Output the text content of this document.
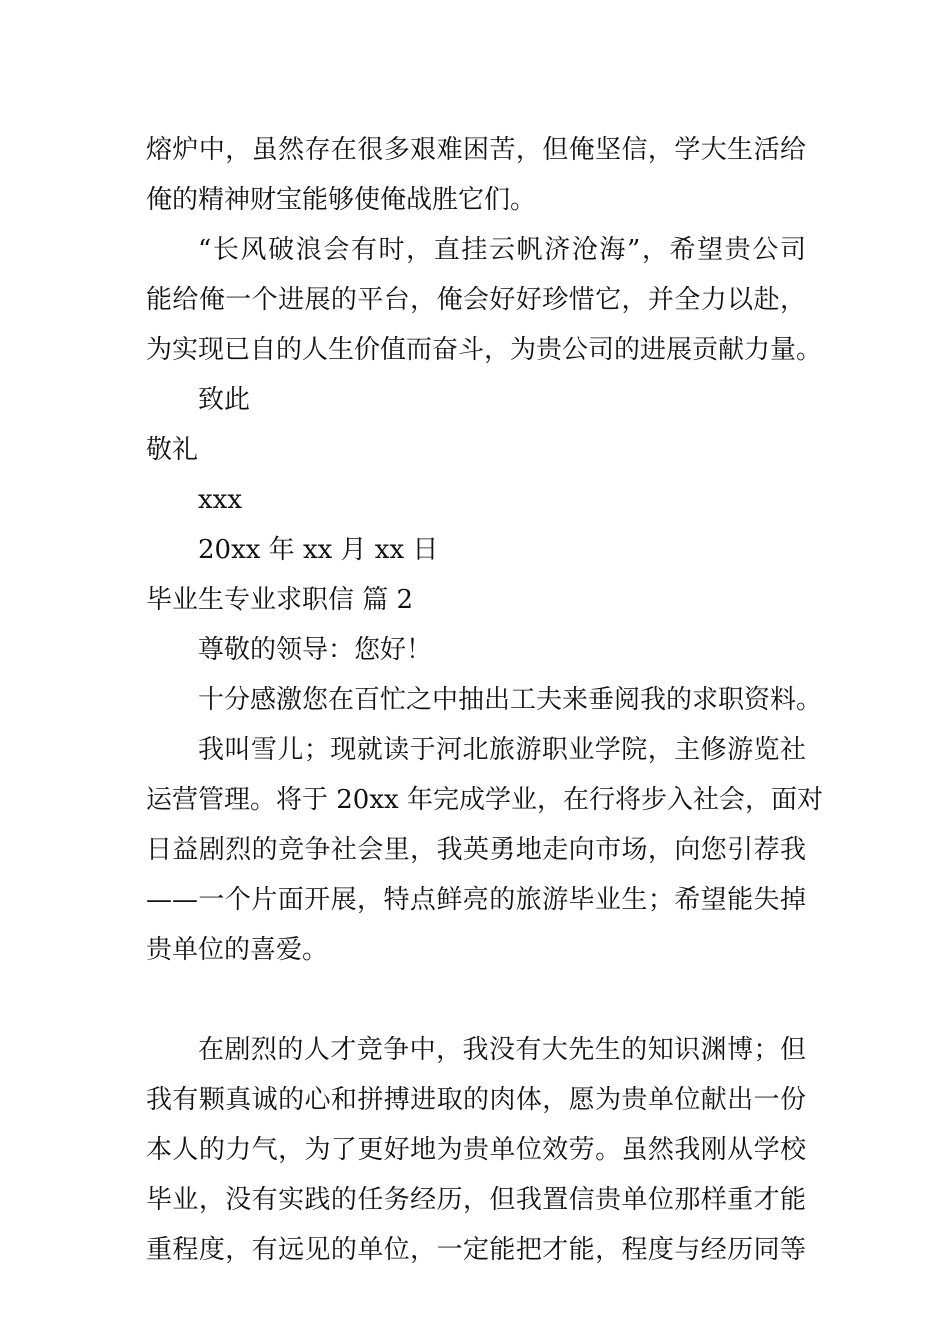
熔炉中，虽然存在很多艰难困苦，但俺坚信，学大生活给
俺的精神财宝能够使俺战胜它们。
“长风破浪会有时，直挂云帆济沧海”，希望贵公司
能给俺一个进展的平台，俺会好好珍惜它，并全力以赴，
为实现已自的人生价值而奋斗，为贵公司的进展贡献力量。
致此
敬礼
xxx
20xx 年 xx 月 xx 日
毕业生专业求职信 篇 2
尊敬的领导：您好！
十分感激您在百忙之中抽出工夫来垂阅我的求职资料。
我叫雪儿；现就读于河北旅游职业学院，主修游览社
运营管理。将于 20xx 年完成学业，在行将步入社会，面对
日益剧烈的竞争社会里，我英勇地走向市场，向您引荐我
——一个片面开展，特点鲜亮的旅游毕业生；希望能失掉
贵单位的喜爱。
在剧烈的人才竞争中，我没有大先生的知识渊博；但
我有颗真诚的心和拼搏进取的肉体，愿为贵单位献出一份
本人的力气，为了更好地为贵单位效劳。虽然我刚从学校
毕业，没有实践的任务经历，但我置信贵单位那样重才能
重程度，有远见的单位，一定能把才能，程度与经历同等
